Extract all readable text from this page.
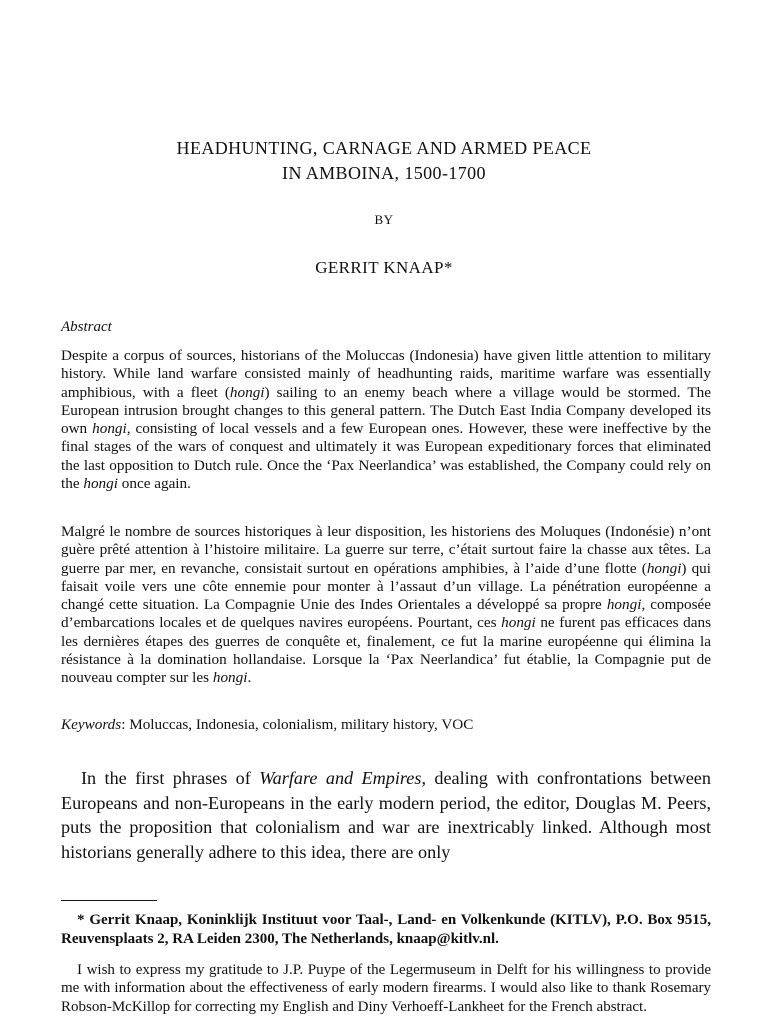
HEADHUNTING, CARNAGE AND ARMED PEACE
IN AMBOINA, 1500-1700
BY
GERRIT KNAAP*
Abstract

Despite a corpus of sources, historians of the Moluccas (Indonesia) have given little attention to military history. While land warfare consisted mainly of headhunting raids, maritime warfare was essentially amphibious, with a fleet (hongi) sailing to an enemy beach where a village would be stormed. The European intrusion brought changes to this general pattern. The Dutch East India Company developed its own hongi, consisting of local vessels and a few European ones. However, these were ineffective by the final stages of the wars of conquest and ultimately it was European expeditionary forces that eliminated the last opposition to Dutch rule. Once the ‘Pax Neerlandica’ was established, the Company could rely on the hongi once again.

Malgré le nombre de sources historiques à leur disposition, les historiens des Moluques (Indonésie) n’ont guère prêté attention à l’histoire militaire. La guerre sur terre, c’était surtout faire la chasse aux têtes. La guerre par mer, en revanche, consistait surtout en opérations amphibies, à l’aide d’une flotte (hongi) qui faisait voile vers une côte ennemie pour monter à l’assaut d’un village. La pénétration européenne a changé cette situation. La Compagnie Unie des Indes Orientales a développé sa propre hongi, composée d’embarcations locales et de quelques navires européens. Pourtant, ces hongi ne furent pas efficaces dans les dernières étapes des guerres de conquête et, finalement, ce fut la marine européenne qui élimina la résistance à la domination hollandaise. Lorsque la ‘Pax Neerlandica’ fut établie, la Compagnie put de nouveau compter sur les hongi.

Keywords: Moluccas, Indonesia, colonialism, military history, VOC

In the first phrases of Warfare and Empires, dealing with confrontations between Europeans and non-Europeans in the early modern period, the editor, Douglas M. Peers, puts the proposition that colonialism and war are inextricably linked. Although most historians generally adhere to this idea, there are only

* Gerrit Knaap, Koninklijk Instituut voor Taal-, Land- en Volkenkunde (KITLV), P.O. Box 9515, Reuvensplaats 2, RA Leiden 2300, The Netherlands, knaap@kitlv.nl.

I wish to express my gratitude to J.P. Puype of the Legermuseum in Delft for his willingness to provide me with information about the effectiveness of early modern firearms. I would also like to thank Rosemary Robson-McKillop for correcting my English and Diny Verhoeff-Lankheet for the French abstract.
